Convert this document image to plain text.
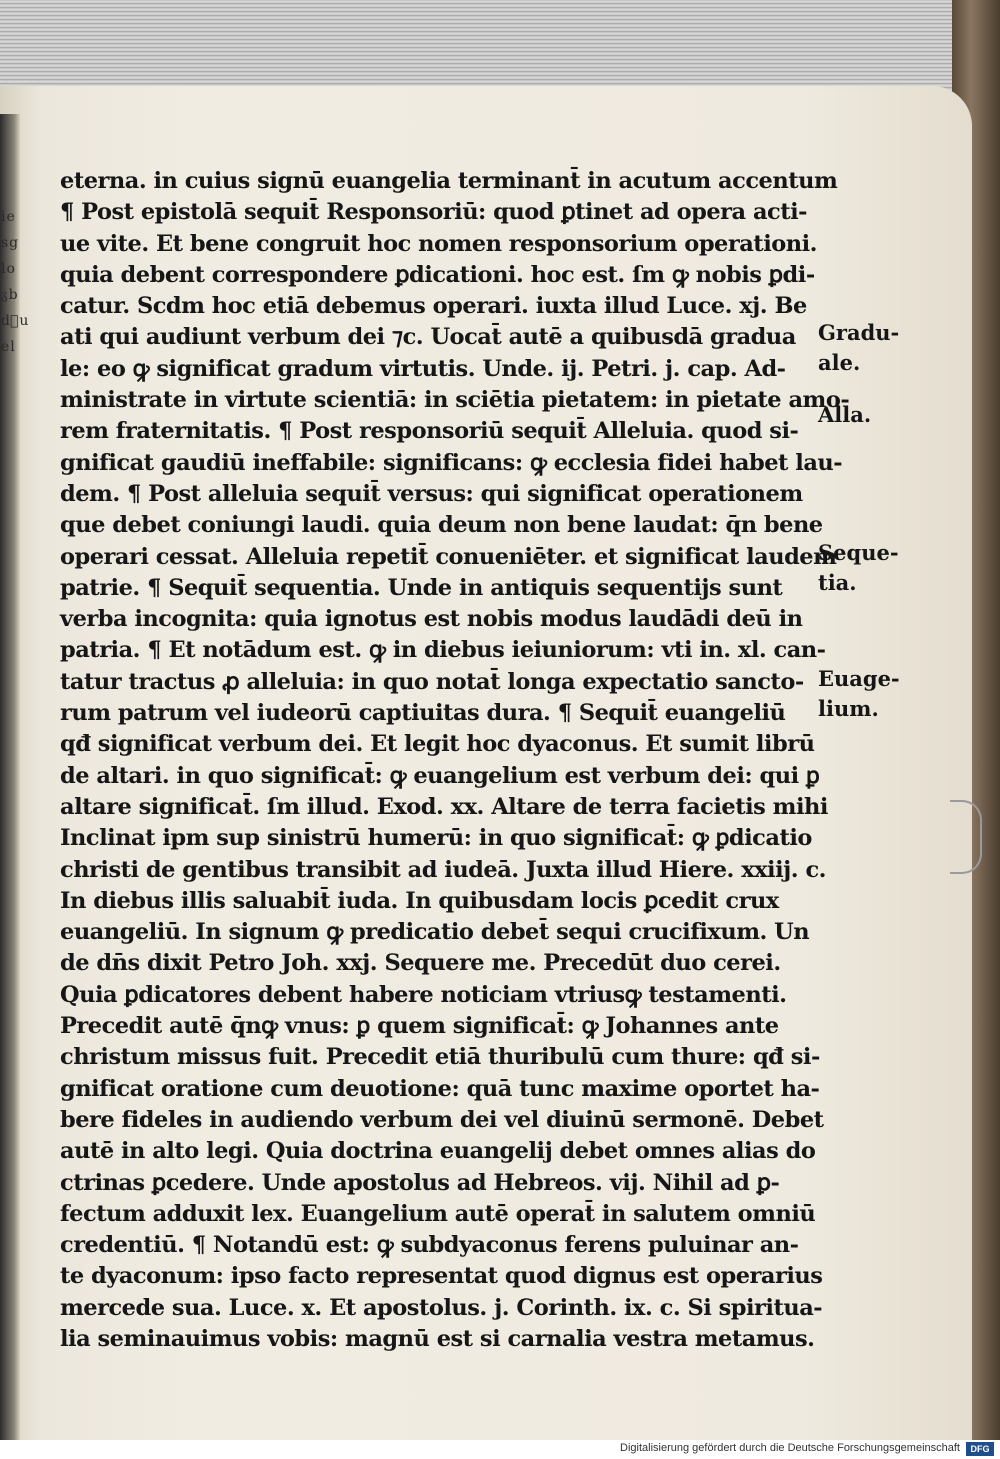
iesgloᵹbd᷑uel
eterna. in cuius signū euangelia terminant̄ in acutum accentum
¶ Post epistolā sequit̄ Responsoriū: quod ꝑtinet ad opera acti-
ue vite. Et bene congruit hoc nomen responsorium operationi.
quia debent correspondere ꝑdicationi. hoc est. ſm ꝙ nobis ꝑdi-
catur. Scdm hoc etiā debemus operari. iuxta illud Luce. xj. Be
ati qui audiunt verbum dei ⁊c. Uocat̄ autē a quibusdā gradua
le: eo ꝙ significat gradum virtutis. Unde. ij. Petri. j. cap. Ad-
ministrate in virtute scientiā: in sciētia pietatem: in pietate amo-
rem fraternitatis. ¶ Post responsoriū sequit̄ Alleluia. quod si-
gnificat gaudiū ineffabile: significans: ꝙ ecclesia fidei habet lau-
dem. ¶ Post alleluia sequit̄ versus: qui significat operationem
que debet coniungi laudi. quia deum non bene laudat: q̄n bene
operari cessat. Alleluia repetit̄ conueniēter. et significat laudem
patrie. ¶ Sequit̄ sequentia. Unde in antiquis sequentijs sunt
verba incognita: quia ignotus est nobis modus laudādi deū in
patria. ¶ Et notādum est. ꝙ in diebus ieiuniorum: vti in. xl. can-
tatur tractus ꝓ alleluia: in quo notat̄ longa expectatio sancto-
rum patrum vel iudeorū captiuitas dura. ¶ Sequit̄ euangeliū
qđ significat verbum dei. Et legit hoc dyaconus. Et sumit librū
de altari. in quo significat̄: ꝙ euangelium est verbum dei: qui ꝑ
altare significat̄. ſm illud. Exod. xx. Altare de terra facietis mihi
Inclinat ipm sup sinistrū humerū: in quo significat̄: ꝙ ꝑdicatio
christi de gentibus transibit ad iudeā. Juxta illud Hiere. xxiij. c.
In diebus illis saluabit̄ iuda. In quibusdam locis ꝑcedit crux
euangeliū. In signum ꝙ predicatio debet̄ sequi crucifixum. Un
de dn̄s dixit Petro Joh. xxj. Sequere me. Precedūt duo cerei.
Quia ꝑdicatores debent habere noticiam vtriusꝙ testamenti.
Precedit autē q̄nꝙ vnus: ꝑ quem significat̄: ꝙ Johannes ante
christum missus fuit. Precedit etiā thuribulū cum thure: qđ si-
gnificat oratione cum deuotione: quā tunc maxime oportet ha-
bere fideles in audiendo verbum dei vel diuinū sermonē. Debet
autē in alto legi. Quia doctrina euangelij debet omnes alias do
ctrinas ꝑcedere. Unde apostolus ad Hebreos. vij. Nihil ad ꝑ-
fectum adduxit lex. Euangelium autē operat̄ in salutem omniū
credentiū. ¶ Notandū est: ꝙ subdyaconus ferens puluinar an-
te dyaconum: ipso facto representat quod dignus est operarius
mercede sua. Luce. x. Et apostolus. j. Corinth. ix. c. Si spiritua-
lia seminauimus vobis: magnū est si carnalia vestra metamus.
Gradu-
ale.
Alla.
Seque-
tia.
Euage-
lium.
Digitalisierung gefördert durch die Deutsche Forschungsgemeinschaft	DFG
